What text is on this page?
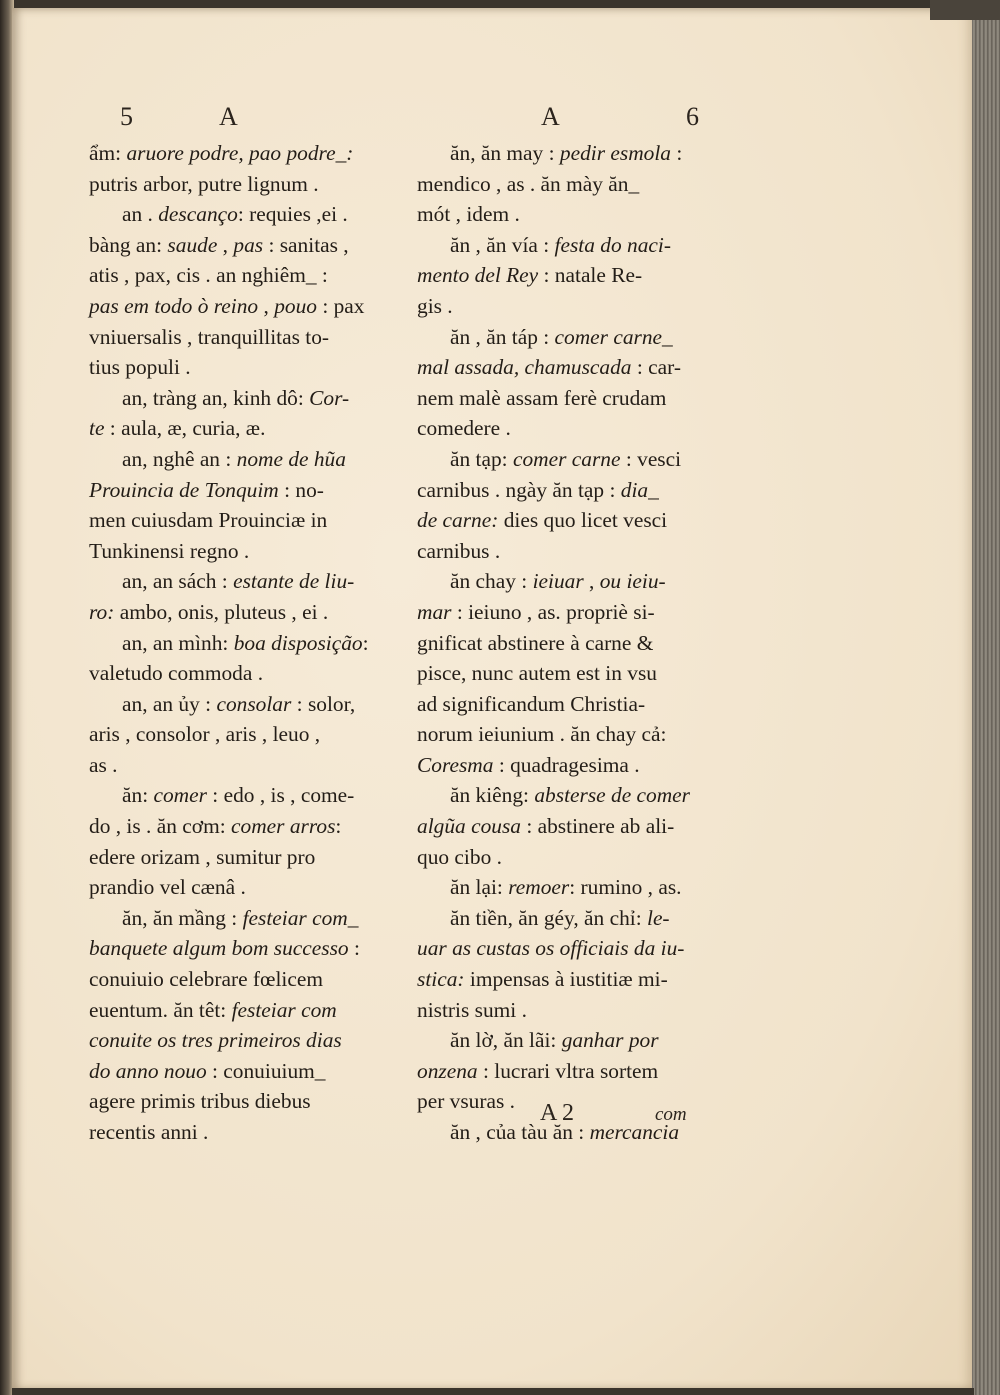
5	A	A	6
ẩm: aruore podre, pao podre_:
putris arbor, putre lignum .
an . descanço: requies ,ei .
bàng an: saude , pas : sanitas ,
atis , pax, cis . an nghiêm_ :
pas em todo ò reino , pouo : pax
vniuersalis , tranquillitas to-
tius populi .
an, tràng an, kinh dô: Cor-
te : aula, æ, curia, æ.
an, nghê an : nome de hũa
Prouincia de Tonquim : no-
men cuiusdam Prouinciæ in
Tunkinensi regno .
an, an sách : estante de liu-
ro: ambo, onis, pluteus , ei .
an, an mình: boa disposição:
valetudo commoda .
an, an ủy : consolar : solor,
aris , consolor , aris , leuo ,
as .
ăn: comer : edo , is , come-
do , is . ăn cơm: comer arros:
edere orizam , sumitur pro
prandio vel cænâ .
ăn, ăn mầng : festeiar com_
banquete algum bom successo :
conuiuio celebrare fœlicem
euentum. ăn têt: festeiar com
conuite os tres primeiros dias
do anno nouo : conuiuium_
agere primis tribus diebus
recentis anni .
ăn, ăn may : pedir esmola :
mendico , as . ăn mày ăn_
mót , idem .
ăn , ăn vía : festa do naci-
mento del Rey : natale Re-
gis .
ăn , ăn táp : comer carne_
mal assada, chamuscada : car-
nem malè assam ferè crudam
comedere .
ăn tạp: comer carne : vesci
carnibus . ngày ăn tạp : dia_
de carne: dies quo licet vesci
carnibus .
ăn chay : ieiuar , ou ieiu-
mar : ieiuno , as. propriè si-
gnificat abstinere à carne &
pisce, nunc autem est in vsu
ad significandum Christia-
norum ieiunium . ăn chay cả:
Coresma : quadragesima .
ăn kiêng: absterse de comer
algũa cousa : abstinere ab ali-
quo cibo .
ăn lại: remoer: rumino , as.
ăn tiền, ăn géy, ăn chỉ: le-
uar as custas os officiais da iu-
stica: impensas à iustitiæ mi-
nistris sumi .
ăn lờ, ăn lãi: ganhar por
onzena : lucrari vltra sortem
per vsuras .
ăn , của tàu ăn : mercancia
A 2	com
